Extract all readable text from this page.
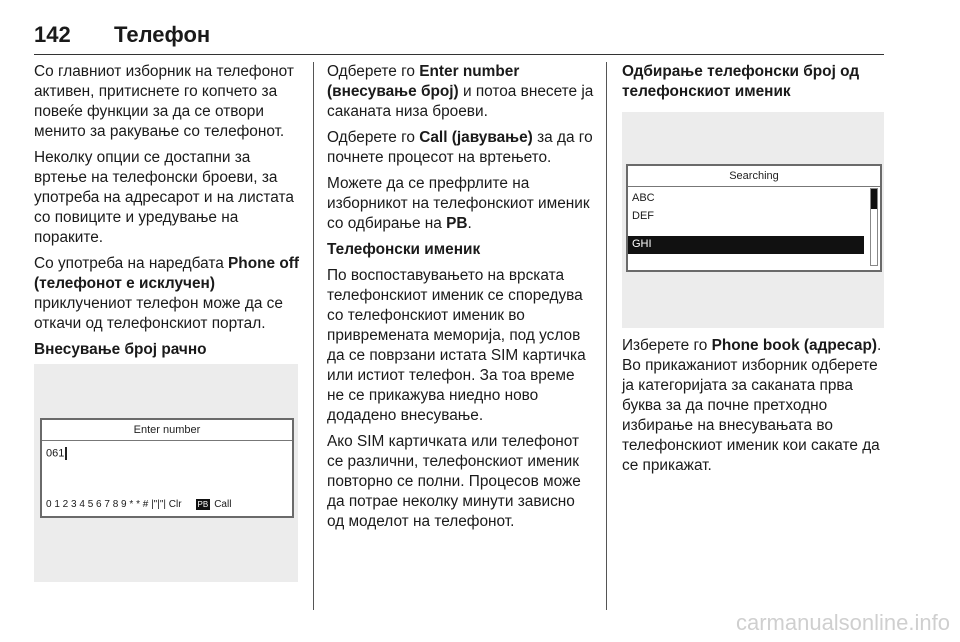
142 Телефон

Со главниот изборник на телефонот активен, притиснете го копчето за повеќе функции за да се отвори менито за ракување со телефонот.

Неколку опции се достапни за вртење на телефонски броеви, за употреба на адресарот и на листата со повиците и уредување на пораките.

Со употреба на наредбата Phone off (телефонот е исклучен) приклучениот телефон може да се откачи од телефонскиот портал.

Внесување број рачно

Enter number
061
0 1 2 3 4 5 6 7 8 9 * * # |"|"| Clr PB Call

Одберете го Enter number (внесување број) и потоа внесете ја саканата низа броеви.

Одберете го Call (јавување) за да го почнете процесот на вртењето.

Можете да се префрлите на изборникот на телефонскиот именик со одбирање на PB.

Телефонски именик

По воспоставувањето на врската телефонскиот именик се споредува со телефонскиот именик во привремената меморија, под услов да се поврзани истата SIM картичка или истиот телефон. За тоа време не се прикажува ниедно ново додадено внесување.

Ако SIM картичката или телефонот се различни, телефонскиот именик повторно се полни. Процесов може да потрае неколку минути зависно од моделот на телефонот.

Одбирање телефонски број од телефонскиот именик

Searching
ABC
DEF
GHI

Изберете го Phone book (адресар). Во прикажаниот изборник одберете ја категоријата за саканата прва буква за да почне претходно избирање на внесувањата во телефонскиот именик кои сакате да се прикажат.

carmanualsonline.info
